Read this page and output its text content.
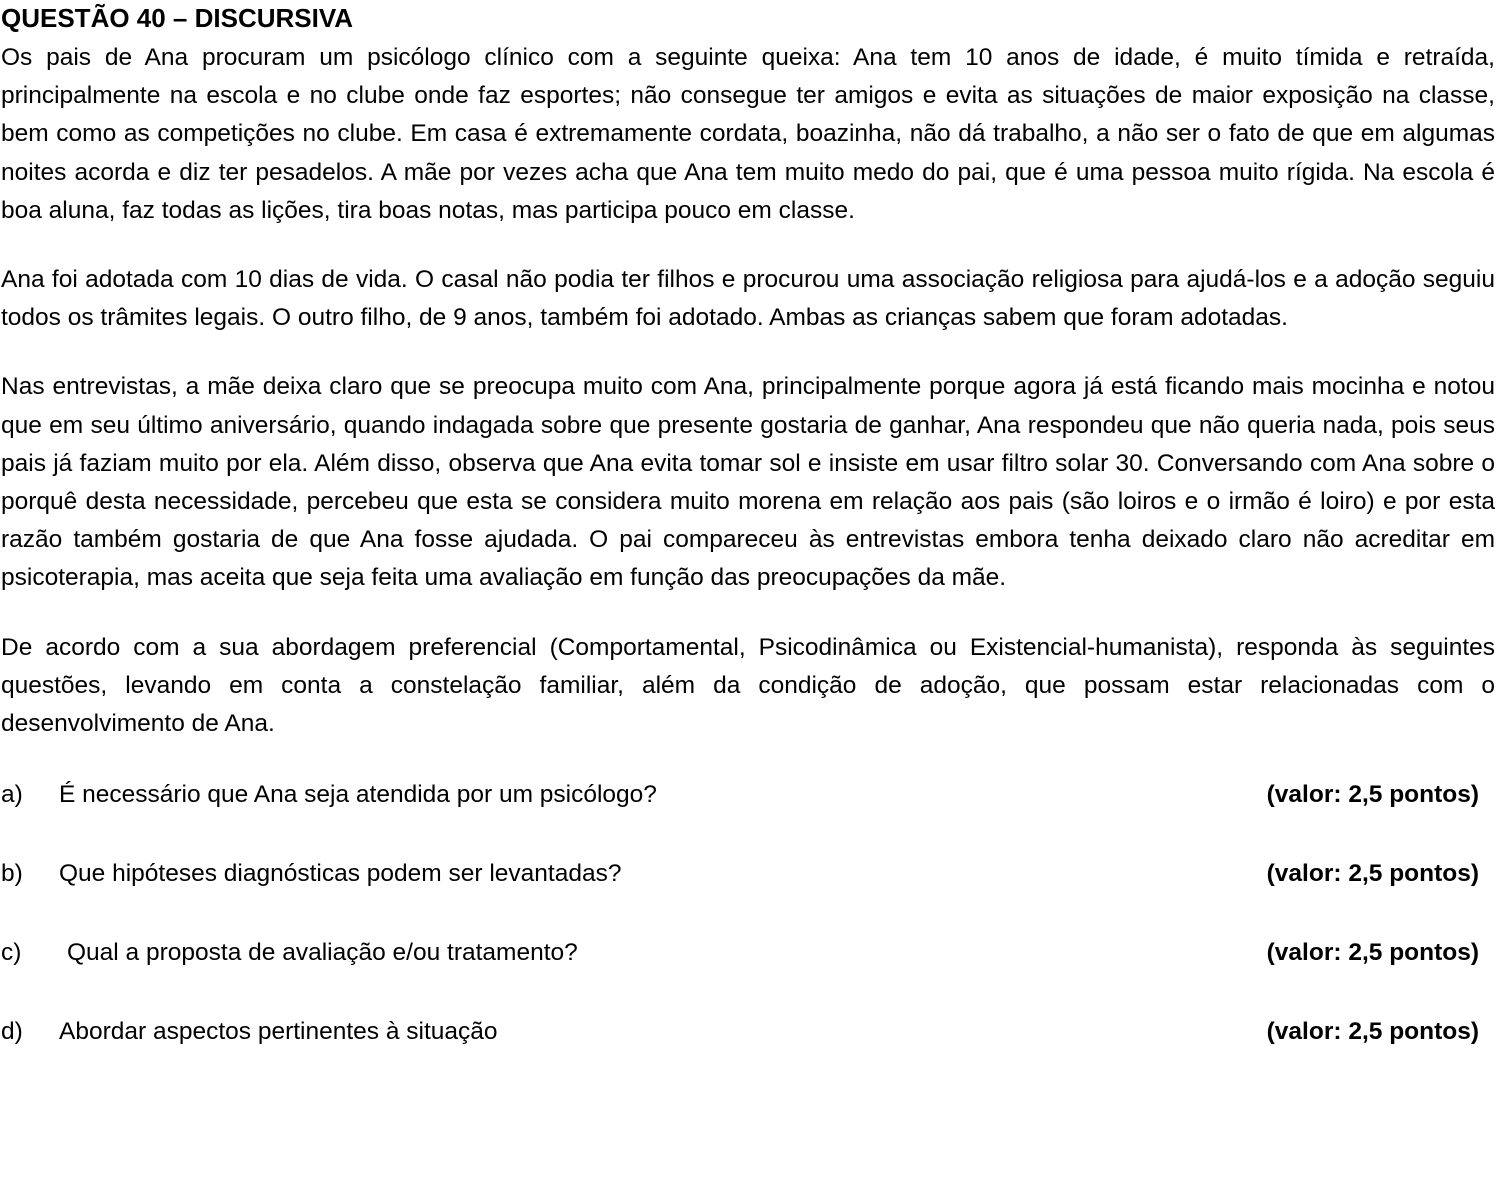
QUESTÃO 40 – DISCURSIVA

Os pais de Ana procuram um psicólogo clínico com a seguinte queixa: Ana tem 10 anos de idade, é muito tímida e retraída, principalmente na escola e no clube onde faz esportes; não consegue ter amigos e evita as situações de maior exposição na classe, bem como as competições no clube. Em casa é extremamente cordata, boazinha, não dá trabalho, a não ser o fato de que em algumas noites acorda e diz ter pesadelos. A mãe por vezes acha que Ana tem muito medo do pai, que é uma pessoa muito rígida. Na escola é boa aluna, faz todas as lições, tira boas notas, mas participa pouco em classe.

Ana foi adotada com 10 dias de vida. O casal não podia ter filhos e procurou uma associação religiosa para ajudá-los e a adoção seguiu todos os trâmites legais. O outro filho, de 9 anos, também foi adotado. Ambas as crianças sabem que foram adotadas.

Nas entrevistas, a mãe deixa claro que se preocupa muito com Ana, principalmente porque agora já está ficando mais mocinha e notou que em seu último aniversário, quando indagada sobre que presente gostaria de ganhar, Ana respondeu que não queria nada, pois seus pais já faziam muito por ela. Além disso, observa que Ana evita tomar sol e insiste em usar filtro solar 30. Conversando com Ana sobre o porquê desta necessidade, percebeu que esta se considera muito morena em relação aos pais (são loiros e o irmão é loiro) e por esta razão também gostaria de que Ana fosse ajudada. O pai compareceu às entrevistas embora tenha deixado claro não acreditar em psicoterapia, mas aceita que seja feita uma avaliação em função das preocupações da mãe.

De acordo com a sua abordagem preferencial (Comportamental, Psicodinâmica ou Existencial-humanista), responda às seguintes questões, levando em conta a constelação familiar, além da condição de adoção, que possam estar relacionadas com o desenvolvimento de Ana.

a) É necessário que Ana seja atendida por um psicólogo?	(valor: 2,5 pontos)
b) Que hipóteses diagnósticas podem ser levantadas?	(valor: 2,5 pontos)
c) Qual a proposta de avaliação e/ou tratamento?	(valor: 2,5 pontos)
d) Abordar aspectos pertinentes à situação	(valor: 2,5 pontos)
